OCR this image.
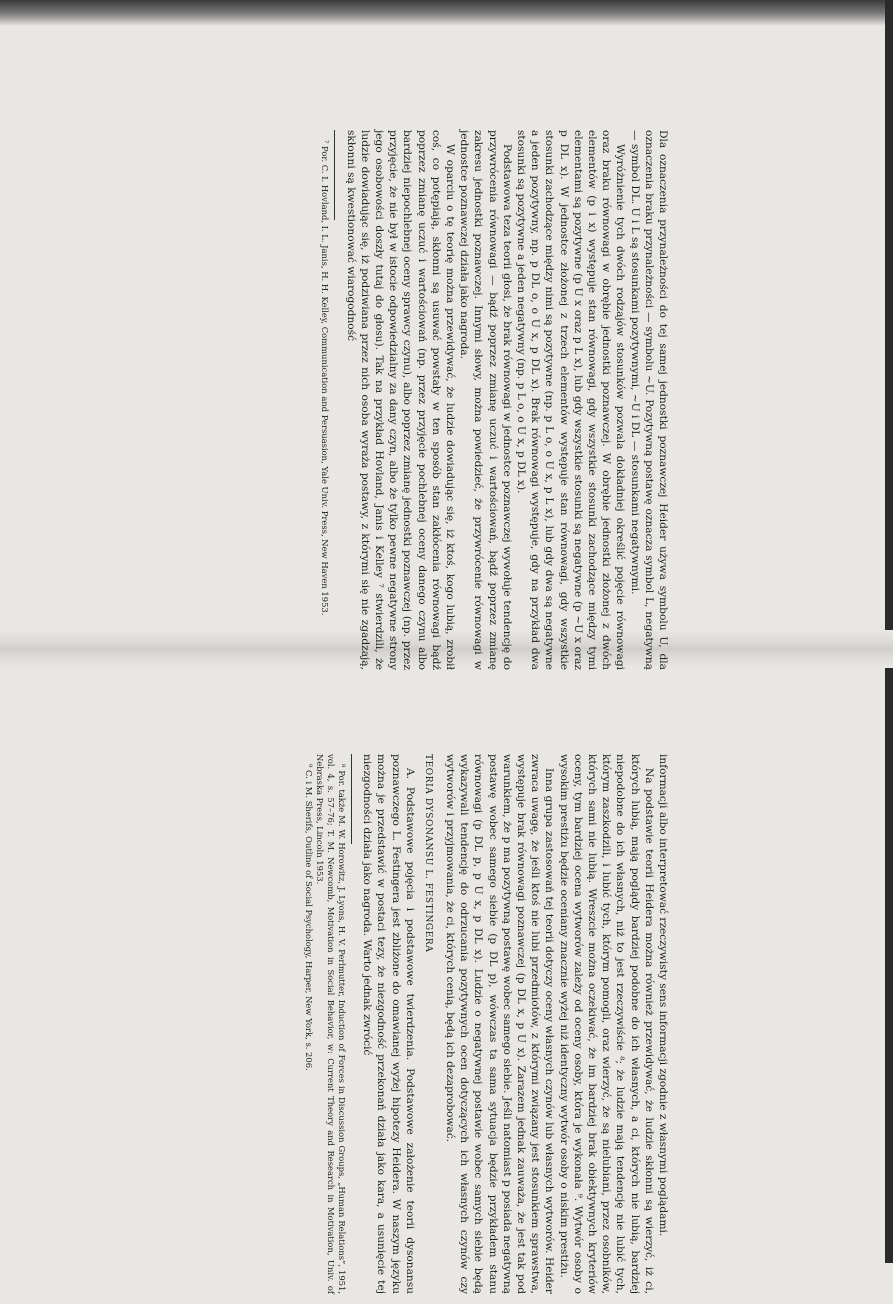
Dla oznaczenia przynależności do tej samej jednostki poznawczej Heider używa symbolu U, dla oznaczenia braku przynależności — symbolu ~U. Pozytywną postawę oznacza symbol L, negatywną — symbol DL. U i L są stosunkami pozytywnymi, ~U i DL — stosunkami negatywnymi.

Wyróżnienie tych dwóch rodzajów stosunków pozwala dokładniej określić pojęcie równowagi oraz braku równowagi w obrębie jednostki poznawczej. W obrębie jednostki złożonej z dwóch elementów (p i x) występuje stan równowagi, gdy wszystkie stosunki zachodzące między tymi elementami są pozytywne (p U x oraz p L x), lub gdy wszystkie stosunki są negatywne (p ~U x oraz p DL x). W jednostce złożonej z trzech elementów występuje stan równowagi, gdy wszystkie stosunki zachodzące między nimi są pozytywne (np. p L o, o U x, p L x), lub gdy dwa są negatywne a jeden pozytywny, np. p DL o, o U x, p DL x). Brak równowagi występuje, gdy na przykład dwa stosunki są pozytywne a jeden negatywny (np. p L o, o U x, p DL x).

Podstawowa teza teorii głosi, że brak równowagi w jednostce poznawczej wywołuje tendencję do przywrócenia równowagi — bądź poprzez zmianę uczuć i wartościowań, bądź poprzez zmianę zakresu jednostki poznawczej. Innymi słowy, można powiedzieć, że przywrócenie równowagi w jednostce poznawczej działa jako nagroda.

W oparciu o tę teorię można przewidywać, że ludzie dowiadując się, iż ktoś, kogo lubią, zrobił coś, co potępiają, skłonni są usuwać powstały w ten sposób stan zakłócenia równowagi bądź poprzez zmianę uczuć i wartościowań (np. przez przyjęcie pochlebnej oceny danego czynu albo bardziej niepochlebnej oceny sprawcy czynu), albo poprzez zmianę jednostki poznawczej (np. przez przyjęcie, że nie był w istocie odpowiedzialny za dany czyn, albo że tylko pewne negatywne strony jego osobowości doszły tutaj do głosu). Tak na przykład Hovland, Janis i Kelley ⁷ stwierdzili, że ludzie dowiadując się, iż podziwiana przez nich osoba wyraża postawy, z którymi się nie zgadzają, skłonni są kwestionować wiarogodność

⁷ Por. C. I. Hovland, I. L. Janis, H. H. Kelley, Communication and Persuasion, Yale Univ. Press, New Haven 1953.

informacji albo interpretować rzeczywisty sens informacji zgodnie z własnymi poglądami.

Na podstawie teorii Heidera można również przewidywać, że ludzie skłonni są wierzyć, iż ci, których lubią, mają poglądy bardziej podobne do ich własnych, a ci, których nie lubią, bardziej niepodobne do ich własnych, niż to jest rzeczywiście ⁸; że ludzie mają tendencję nie lubić tych, którym zaszkodzili, i lubić tych, którym pomogli, oraz wierzyć, że są nielubiani, przez osobników, których sami nie lubią. Wreszcie można oczekiwać, że im bardziej brak obiektywnych kryteriów oceny, tym bardziej ocena wytworów zależy od oceny osoby, która je wykonała ⁹. Wytwór osoby o wysokim prestiżu będzie oceniany znacznie wyżej niż identyczny wytwór osoby o niskim prestiżu.

Inna grupa zastosowań tej teorii dotyczy oceny własnych czynów lub własnych wytworów. Heider zwraca uwagę, że jeśli ktoś nie lubi przedmiotów, z którymi związany jest stosunkiem sprawstwa, występuje brak równowagi poznawczej (p DL x, p U x). Zarazem jednak zauważa, że jest tak pod warunkiem, że p ma pozytywną postawę wobec samego siebie. Jeśli natomiast p posiada negatywną postawę wobec samego siebie (p DL p), wówczas ta sama sytuacja będzie przykładem stanu równowagi (p DL p, p U x, p DL x). Ludzie o negatywnej postawie wobec samych siebie będą wykazywali tendencję do odrzucania pozytywnych ocen dotyczących ich własnych czynów czy wytworów i przyjmowania, że ci, których cenią, będą ich dezaprobować.

TEORIA DYSONANSU L. FESTINGERA

A. Podstawowe pojęcia i podstawowe twierdzenia. Podstawowe założenie teorii dysonansu poznawczego L. Festingera jest zbliżone do omawianej wyżej hipotezy Heidera. W naszym języku można je przedstawić w postaci tezy, że niezgodność przekonań działa jako kara, a usunięcie tej niezgodności działa jako nagroda. Warto jednak zwrócić

⁸ Por. także M. W. Horowitz, J. Lyons, H. V. Perlmutter, Induction of Forces in Discussion Groups, „Human Relations”, 1951, vol. 4, s. 57–76; T. M. Newcomb, Motivation in Social Behavior, w: Current Theory and Research in Motivation, Univ. of Nebraska Press, Lincoln 1953.

⁹ C. i M. Sherifs, Outline of Social Psychology, Harper, New York, s. 206.
